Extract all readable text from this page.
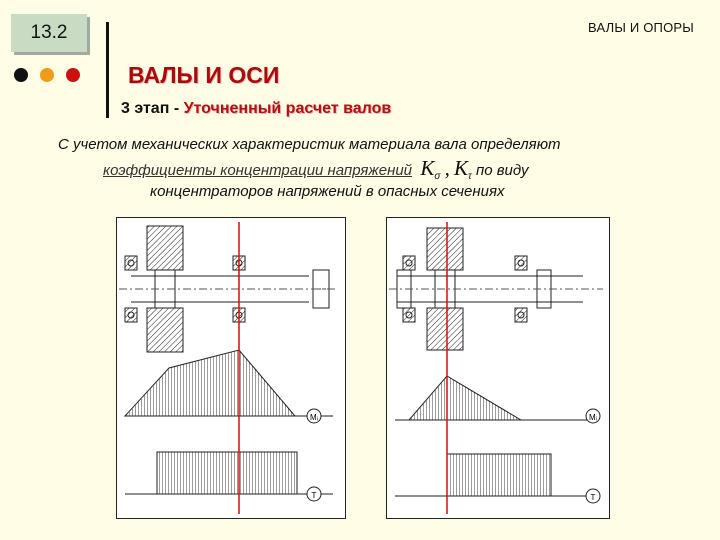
13.2	ВАЛЫ И ОПОРЫ
ВАЛЫ И ОСИ
3 этап - Уточненный расчет валов
С учетом механических характеристик материала вала определяют
коэффициенты концентрации напряжений $K_\sigma$ , $K_\tau$ по виду
концентраторов напряжений в опасных сечениях
Mᵢ
T
Mᵢ
T
